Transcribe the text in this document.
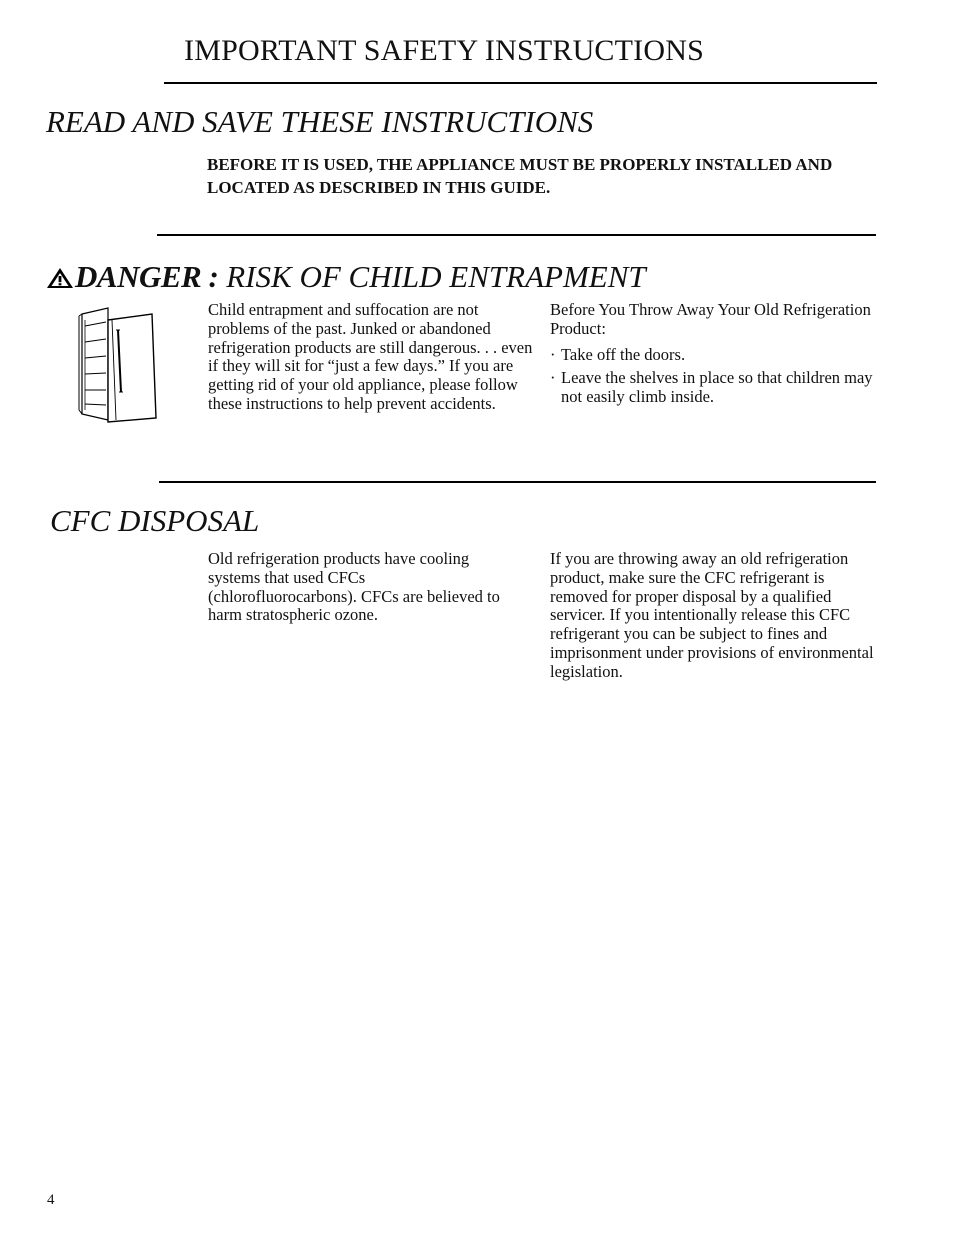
IMPORTANT SAFETY INSTRUCTIONS
READ AND SAVE THESE INSTRUCTIONS
BEFORE IT IS USED, THE APPLIANCE MUST BE PROPERLY INSTALLED AND LOCATED AS DESCRIBED IN THIS GUIDE.
DANGER : RISK OF CHILD ENTRAPMENT
Child entrapment and suffocation are not problems of the past. Junked or abandoned refrigeration products are still dangerous. . . even if they will sit for “just a few days.” If you are getting rid of your old appliance, please follow these instructions to help prevent accidents.
Before You Throw Away Your Old Refrigeration Product:
· Take off the doors.
· Leave the shelves in place so that children may not easily climb inside.
CFC DISPOSAL
Old refrigeration products have cooling systems that used CFCs (chlorofluorocarbons). CFCs are believed to harm stratospheric ozone.
If you are throwing away an old refrigeration product, make sure the CFC refrigerant is removed for proper disposal by a qualified servicer. If you intentionally release this CFC refrigerant you can be subject to fines and imprisonment under provisions of environmental legislation.
4
